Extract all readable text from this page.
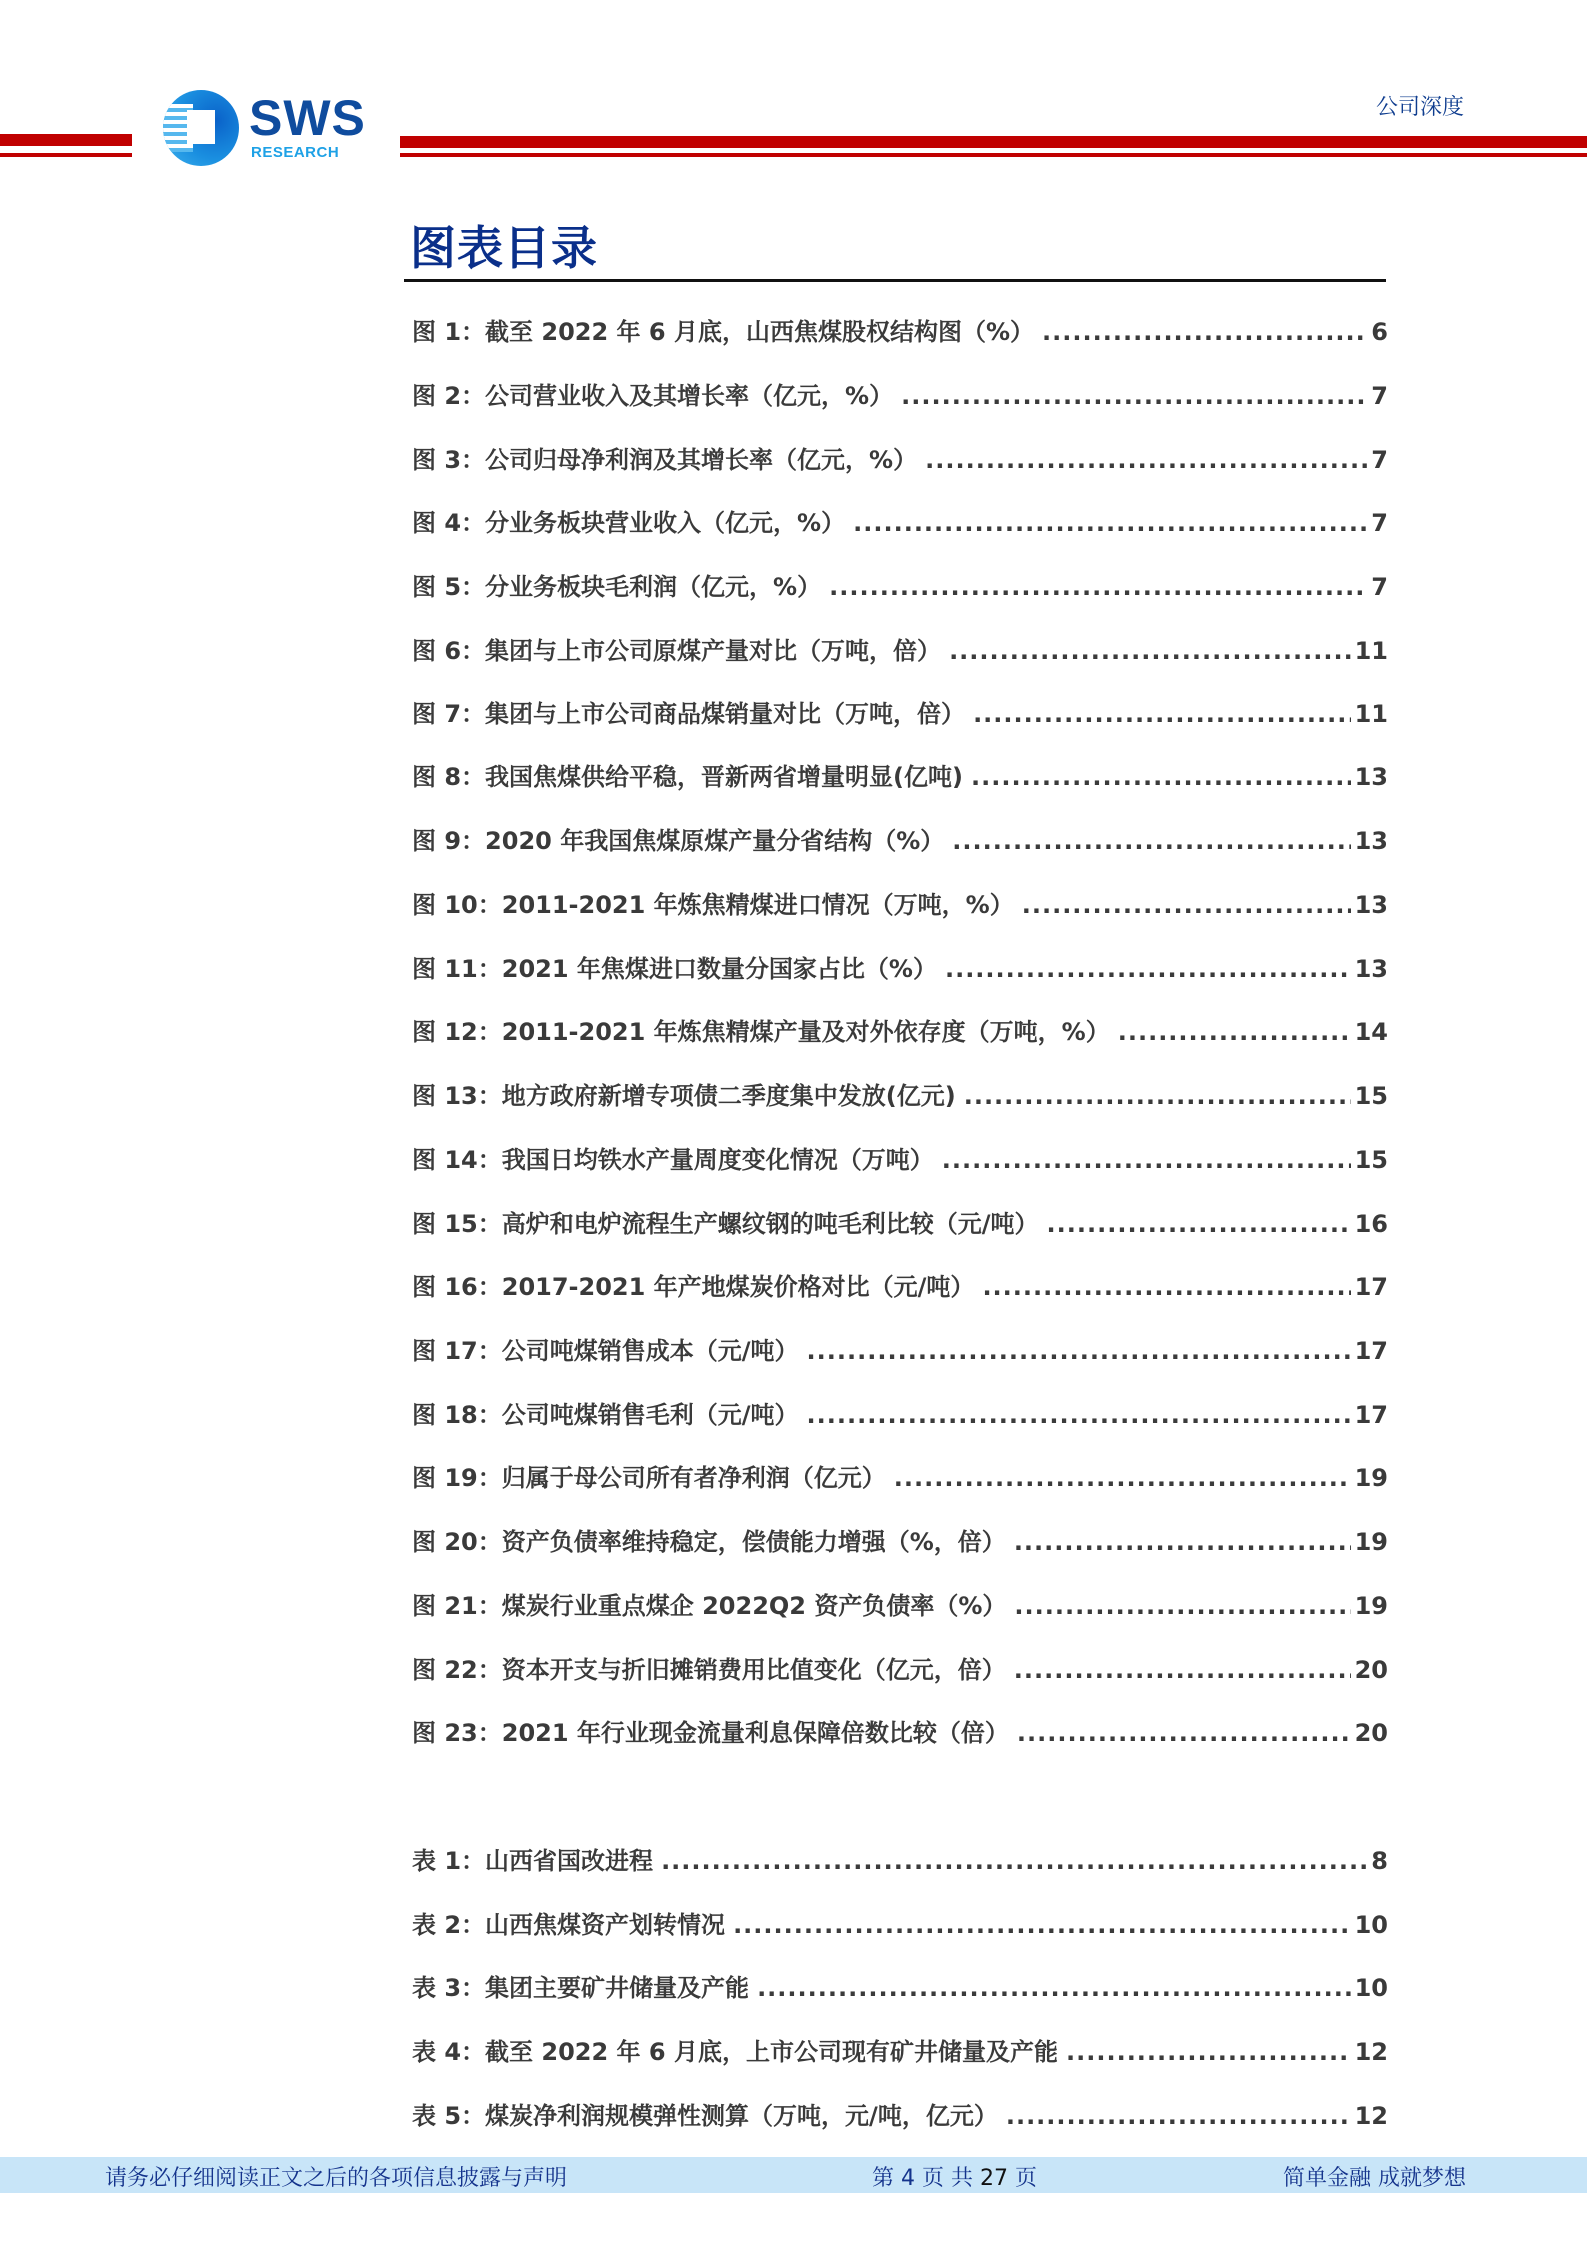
SWS
RESEARCH
公司深度
图表目录
图 1：截至 2022 年 6 月底，山西焦煤股权结构图（%） .....	6
图 2：公司营业收入及其增长率（亿元，%） .....	7
图 3：公司归母净利润及其增长率（亿元，%） .....	7
图 4：分业务板块营业收入（亿元，%） .....	7
图 5：分业务板块毛利润（亿元，%） .....	7
图 6：集团与上市公司原煤产量对比（万吨，倍） .....	11
图 7：集团与上市公司商品煤销量对比（万吨，倍） .....	11
图 8：我国焦煤供给平稳，晋新两省增量明显(亿吨) .....	13
图 9：2020 年我国焦煤原煤产量分省结构（%） .....	13
图 10：2011-2021 年炼焦精煤进口情况（万吨，%） .....	13
图 11：2021 年焦煤进口数量分国家占比（%） .....	13
图 12：2011-2021 年炼焦精煤产量及对外依存度（万吨，%） .....	14
图 13：地方政府新增专项债二季度集中发放(亿元) .....	15
图 14：我国日均铁水产量周度变化情况（万吨） .....	15
图 15：高炉和电炉流程生产螺纹钢的吨毛利比较（元/吨） .....	16
图 16：2017-2021 年产地煤炭价格对比（元/吨） .....	17
图 17：公司吨煤销售成本（元/吨） .....	17
图 18：公司吨煤销售毛利（元/吨） .....	17
图 19：归属于母公司所有者净利润（亿元） .....	19
图 20：资产负债率维持稳定，偿债能力增强（%，倍） .....	19
图 21：煤炭行业重点煤企 2022Q2 资产负债率（%） .....	19
图 22：资本开支与折旧摊销费用比值变化（亿元，倍） .....	20
图 23：2021 年行业现金流量利息保障倍数比较（倍） .....	20
表 1：山西省国改进程 .....	8
表 2：山西焦煤资产划转情况 .....	10
表 3：集团主要矿井储量及产能 .....	10
表 4：截至 2022 年 6 月底，上市公司现有矿井储量及产能 .....	12
表 5：煤炭净利润规模弹性测算（万吨，元/吨，亿元） .....	12
请务必仔细阅读正文之后的各项信息披露与声明	第 4 页 共 27 页	简单金融 成就梦想
